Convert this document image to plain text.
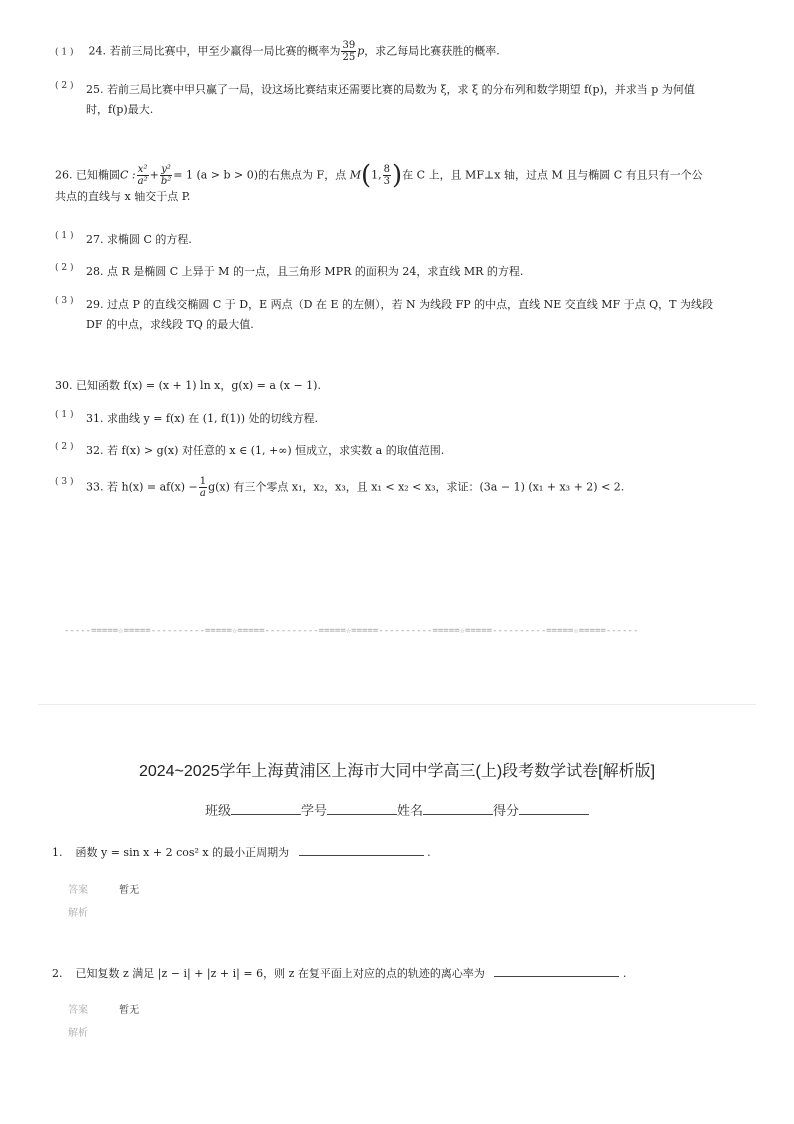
( 1 ) 24. 若前三局比赛中，甲至少赢得一局比赛的概率为 $\frac{39}{25}$ p，求乙每局比赛获胜的概率.
( 2 )	25. 若前三局比赛中甲只赢了一局，设这场比赛结束还需要比赛的局数为 ξ，求 ξ 的分布列和数学期望 f(p)，并求当 p 为何值
时，f(p)最大.
26. 已知椭圆C : $\frac{\text{x²}}{\text{a²}} + \frac{\text{y²}}{\text{b²}} = 1$ (a > b > 0)的右焦点为 F，点 M(1, $\frac{8}{3}$ )在 C 上，且 MF⊥x 轴，过点 M 且与椭圆 C 有且只有一个公
共点的直线与 x 轴交于点 P.
( 1 )	27. 求椭圆 C 的方程.
( 2 )	28. 点 R 是椭圆 C 上异于 M 的一点，且三角形 MPR 的面积为 24，求直线 MR 的方程.
( 3 )	29. 过点 P 的直线交椭圆 C 于 D，E 两点（D 在 E 的左侧），若 N 为线段 FP 的中点，直线 NE 交直线 MF 于点 Q，T 为线段
DF 的中点，求线段 TQ 的最大值.
30. 已知函数 f(x) = (x + 1) ln x，g(x) = a (x − 1).
( 1 )	31. 求曲线 y = f(x) 在 (1, f(1)) 处的切线方程.
( 2 )	32. 若 f(x) > g(x) 对任意的 x ∈ (1, +∞) 恒成立，求实数 a 的取值范围.
( 3 )	33. 若 $h(x) = af(x) - \frac{1}{a} g(x)$ 有三个零点 x₁，x₂，x₃，且 x₁ < x₂ < x₃，求证：(3a − 1) (x₁ + x₃ + 2) < 2.
-----=====☆=====----------=====☆=====----------=====☆=====----------=====☆=====----------=====☆=====------
2024~2025学年上海黄浦区上海市大同中学高三(上)段考数学试卷[解析版]
班级	学号	姓名	得分
1. 函数 y = sin x + 2 cos² x 的最小正周期为	.
答案	暂无
解析
2. 已知复数 z 满足 |z − i| + |z + i| = 6，则 z 在复平面上对应的点的轨迹的离心率为	.
答案	暂无
解析
